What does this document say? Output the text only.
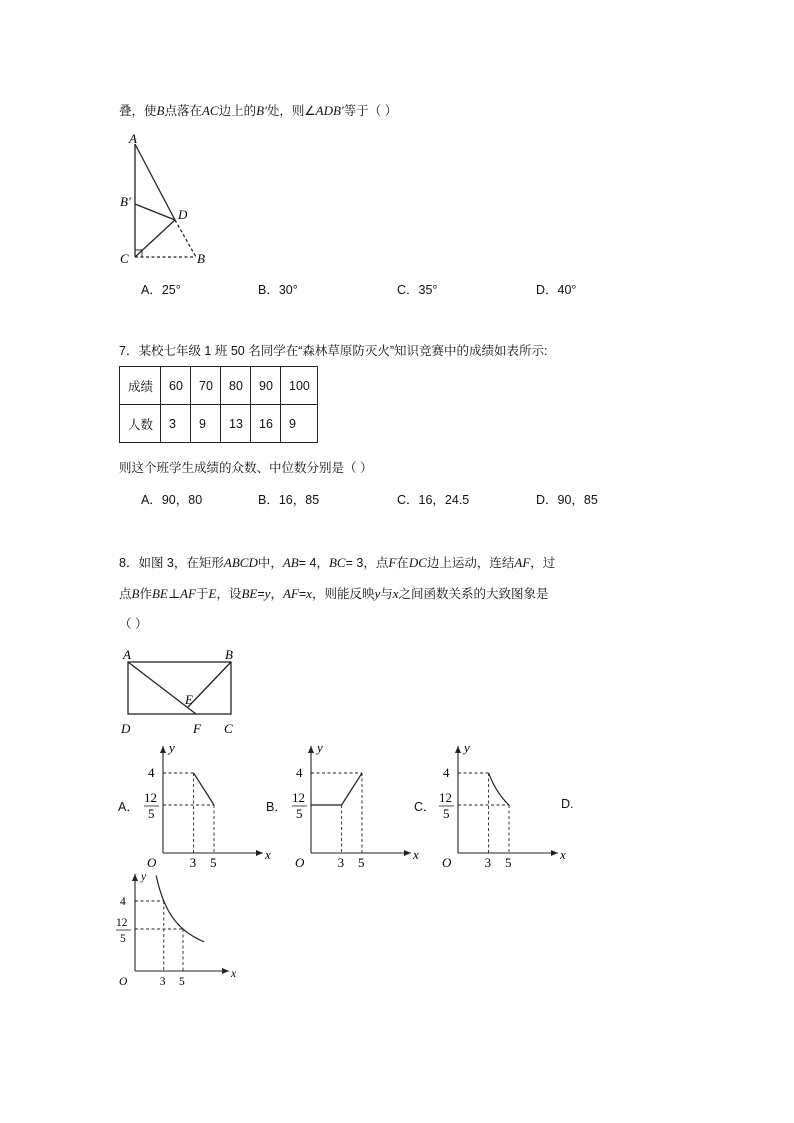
叠，使B点落在AC边上的B′处，则∠ADB′等于（ ）
A
B′
D
C	B
A．25°	B．30°	C．35°	D．40°
7．某校七年级 1 班 50 名同学在“森林草原防灭火”知识竞赛中的成绩如表所示:
成绩	60	70	80	90	100
人数	3	9	13	16	9
则这个班学生成绩的众数、中位数分别是（ ）
A．90，80	B．16，85	C．16，24.5	D．90，85
8．如图 3，在矩形ABCD中，AB= 4，BC= 3，点F在DC边上运动，连结AF，过
点B作BE⊥AF于E，设BE=y，AF=x，则能反映y与x之间函数关系的大致图象是
（ ）
A	B
E
D	F C
A．	B．	C．	D.
y
x
O
4
12
5
3 5
y
x
O
4
12
5
3 5
y
x
O
4
12
5
3 5
y
x
O
4
12
5
3 5
